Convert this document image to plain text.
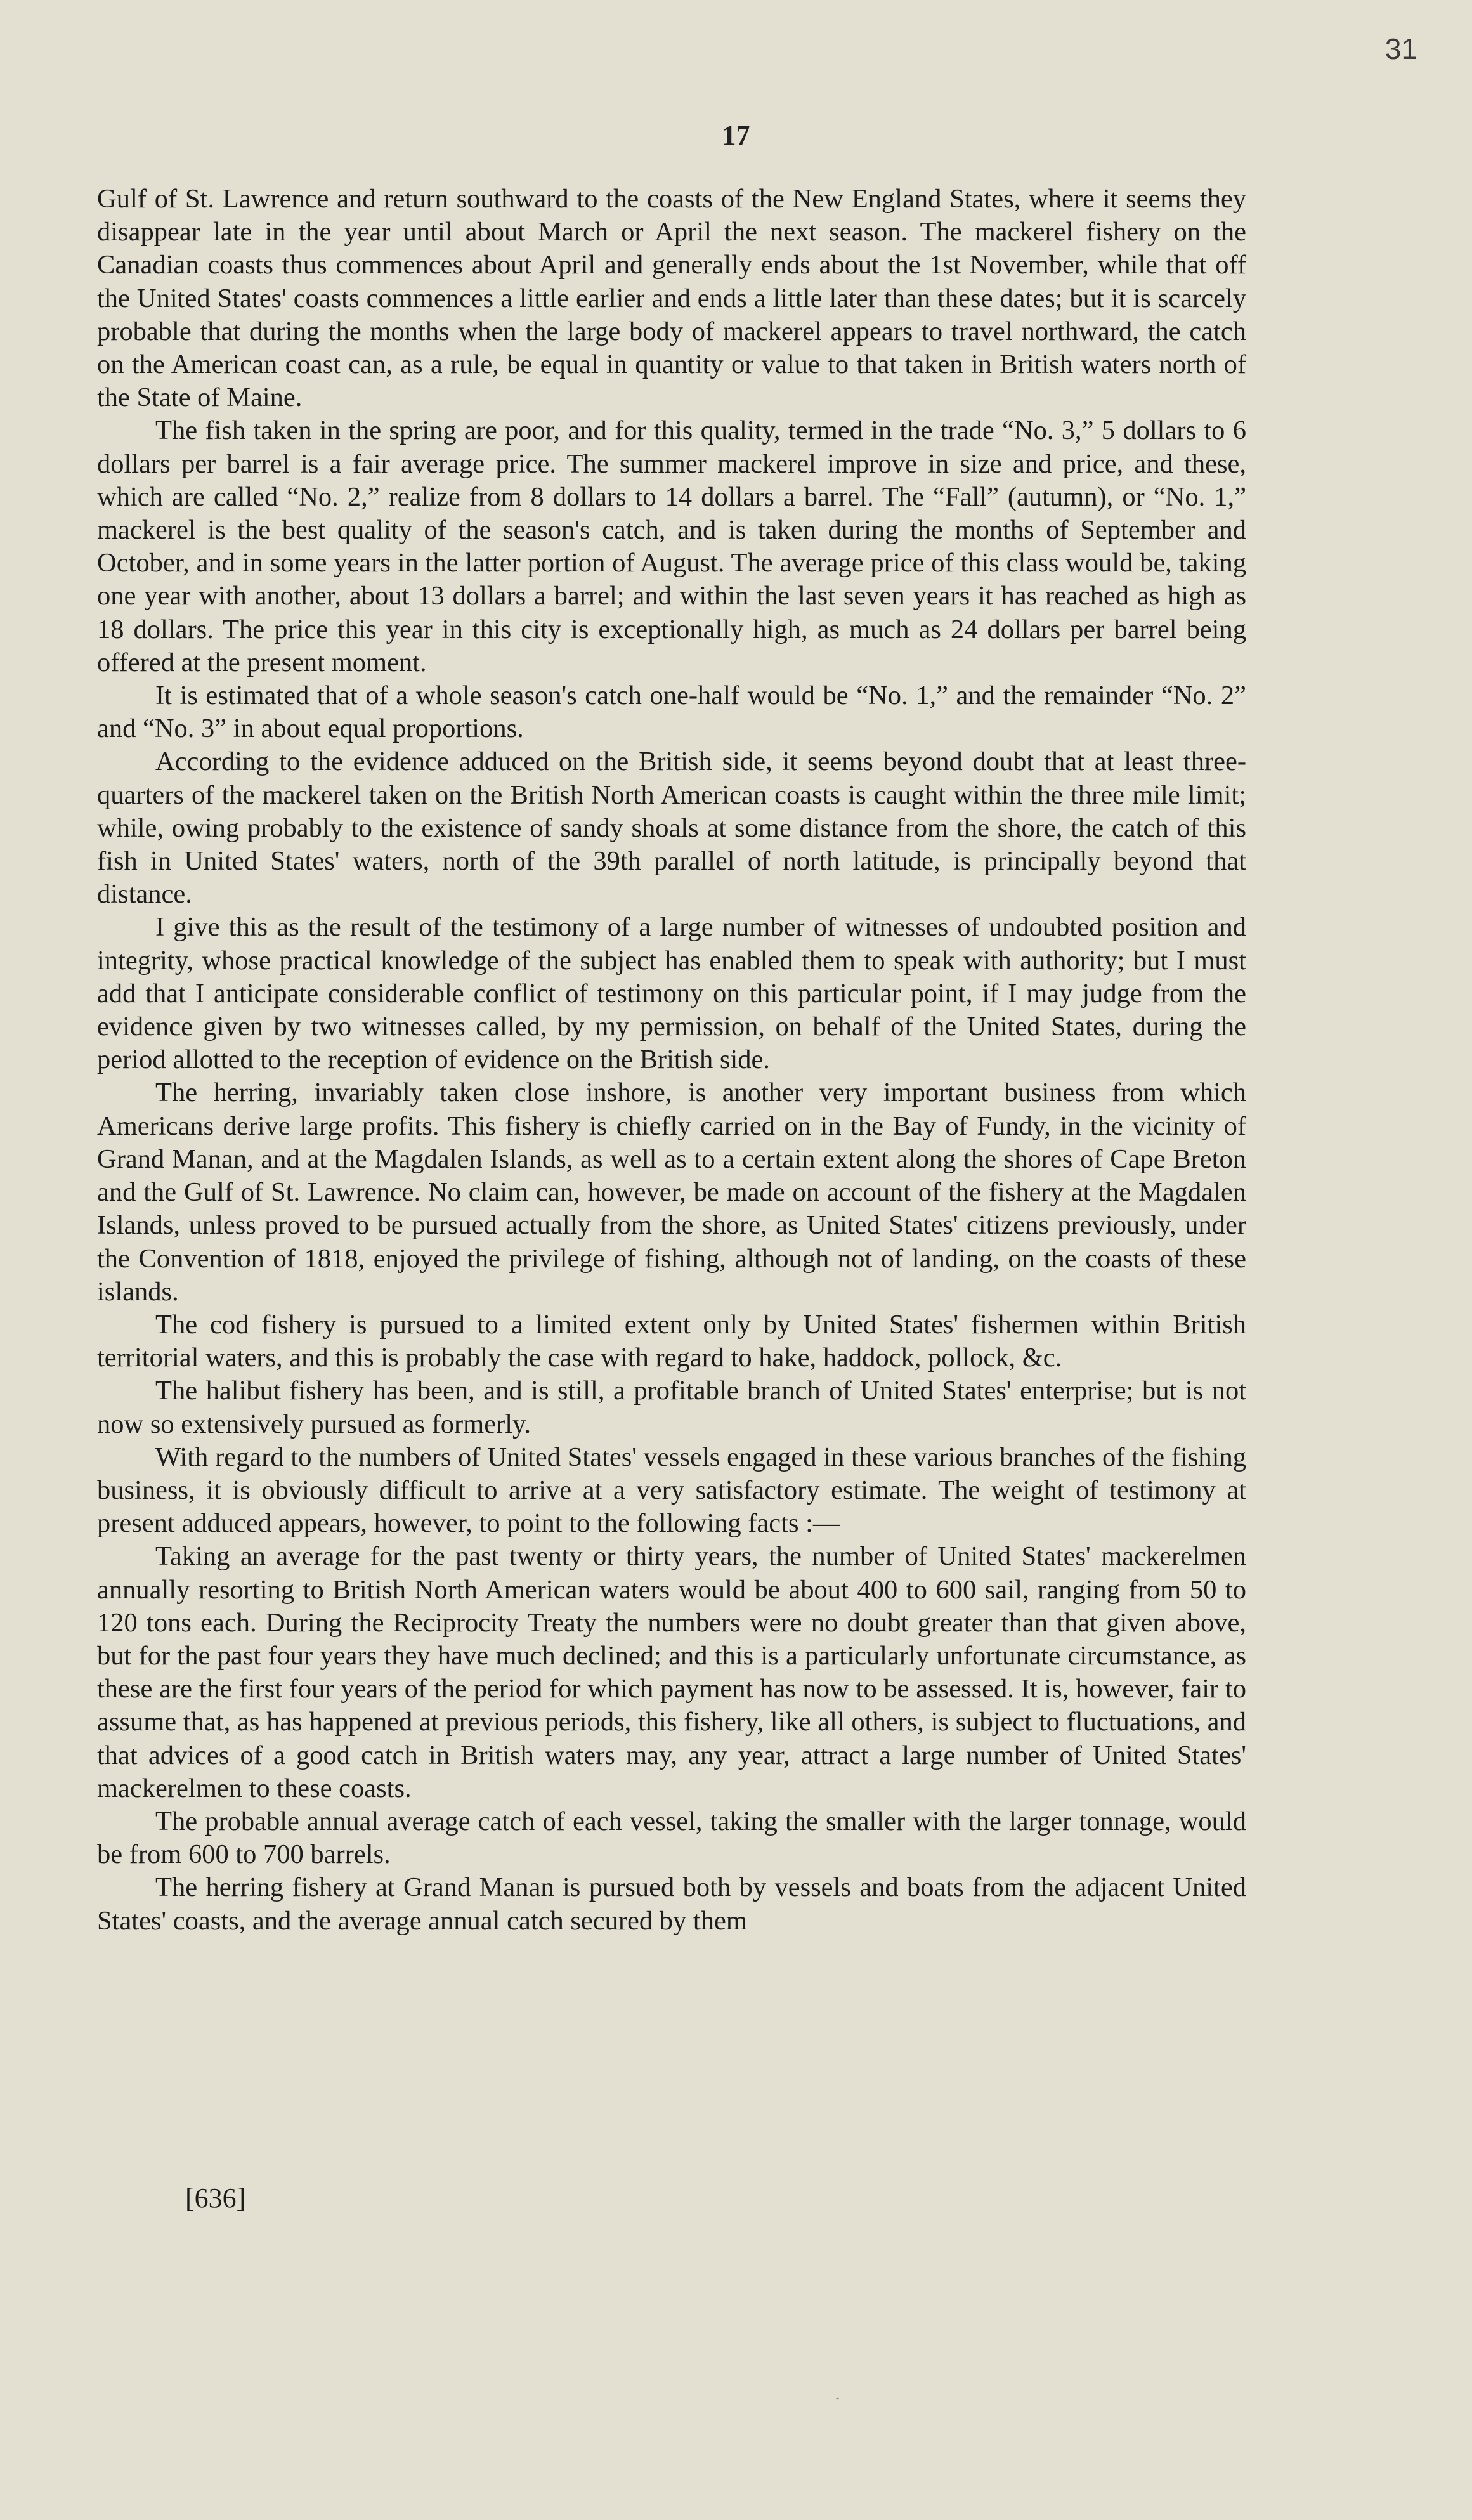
31
17

Gulf of St. Lawrence and return southward to the coasts of the New England States, where it seems they disappear late in the year until about March or April the next season. The mackerel fishery on the Canadian coasts thus commences about April and generally ends about the 1st November, while that off the United States' coasts commences a little earlier and ends a little later than these dates; but it is scarcely probable that during the months when the large body of mackerel appears to travel northward, the catch on the American coast can, as a rule, be equal in quantity or value to that taken in British waters north of the State of Maine.

The fish taken in the spring are poor, and for this quality, termed in the trade “No. 3,” 5 dollars to 6 dollars per barrel is a fair average price. The summer mackerel improve in size and price, and these, which are called “No. 2,” realize from 8 dollars to 14 dollars a barrel. The “Fall” (autumn), or “No. 1,” mackerel is the best quality of the season's catch, and is taken during the months of September and October, and in some years in the latter portion of August. The average price of this class would be, taking one year with another, about 13 dollars a barrel; and within the last seven years it has reached as high as 18 dollars. The price this year in this city is exceptionally high, as much as 24 dollars per barrel being offered at the present moment.

It is estimated that of a whole season's catch one-half would be “No. 1,” and the remainder “No. 2” and “No. 3” in about equal proportions.

According to the evidence adduced on the British side, it seems beyond doubt that at least three-quarters of the mackerel taken on the British North American coasts is caught within the three mile limit; while, owing probably to the existence of sandy shoals at some distance from the shore, the catch of this fish in United States' waters, north of the 39th parallel of north latitude, is principally beyond that distance.

I give this as the result of the testimony of a large number of witnesses of undoubted position and integrity, whose practical knowledge of the subject has enabled them to speak with authority; but I must add that I anticipate considerable conflict of testimony on this particular point, if I may judge from the evidence given by two witnesses called, by my permission, on behalf of the United States, during the period allotted to the reception of evidence on the British side.

The herring, invariably taken close inshore, is another very important business from which Americans derive large profits. This fishery is chiefly carried on in the Bay of Fundy, in the vicinity of Grand Manan, and at the Magdalen Islands, as well as to a certain extent along the shores of Cape Breton and the Gulf of St. Lawrence. No claim can, however, be made on account of the fishery at the Magdalen Islands, unless proved to be pursued actually from the shore, as United States' citizens previously, under the Convention of 1818, enjoyed the privilege of fishing, although not of landing, on the coasts of these islands.

The cod fishery is pursued to a limited extent only by United States' fishermen within British territorial waters, and this is probably the case with regard to hake, haddock, pollock, &c.

The halibut fishery has been, and is still, a profitable branch of United States' enterprise; but is not now so extensively pursued as formerly.

With regard to the numbers of United States' vessels engaged in these various branches of the fishing business, it is obviously difficult to arrive at a very satisfactory estimate. The weight of testimony at present adduced appears, however, to point to the following facts :—

Taking an average for the past twenty or thirty years, the number of United States' mackerelmen annually resorting to British North American waters would be about 400 to 600 sail, ranging from 50 to 120 tons each. During the Reciprocity Treaty the numbers were no doubt greater than that given above, but for the past four years they have much declined; and this is a particularly unfortunate circumstance, as these are the first four years of the period for which payment has now to be assessed. It is, however, fair to assume that, as has happened at previous periods, this fishery, like all others, is subject to fluctuations, and that advices of a good catch in British waters may, any year, attract a large number of United States' mackerelmen to these coasts.

The probable annual average catch of each vessel, taking the smaller with the larger tonnage, would be from 600 to 700 barrels.

The herring fishery at Grand Manan is pursued both by vessels and boats from the adjacent United States' coasts, and the average annual catch secured by them

[636]
